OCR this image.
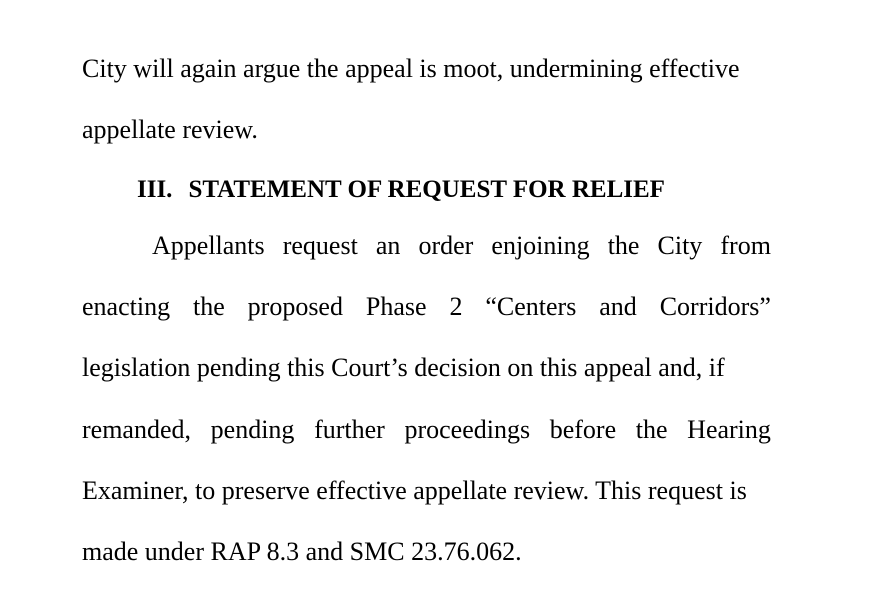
City will again argue the appeal is moot, undermining effective
appellate review.
III. STATEMENT OF REQUEST FOR RELIEF
Appellants request an order enjoining the City from
enacting the proposed Phase 2 “Centers and Corridors”
legislation pending this Court’s decision on this appeal and, if
remanded, pending further proceedings before the Hearing
Examiner, to preserve effective appellate review. This request is
made under RAP 8.3 and SMC 23.76.062.
